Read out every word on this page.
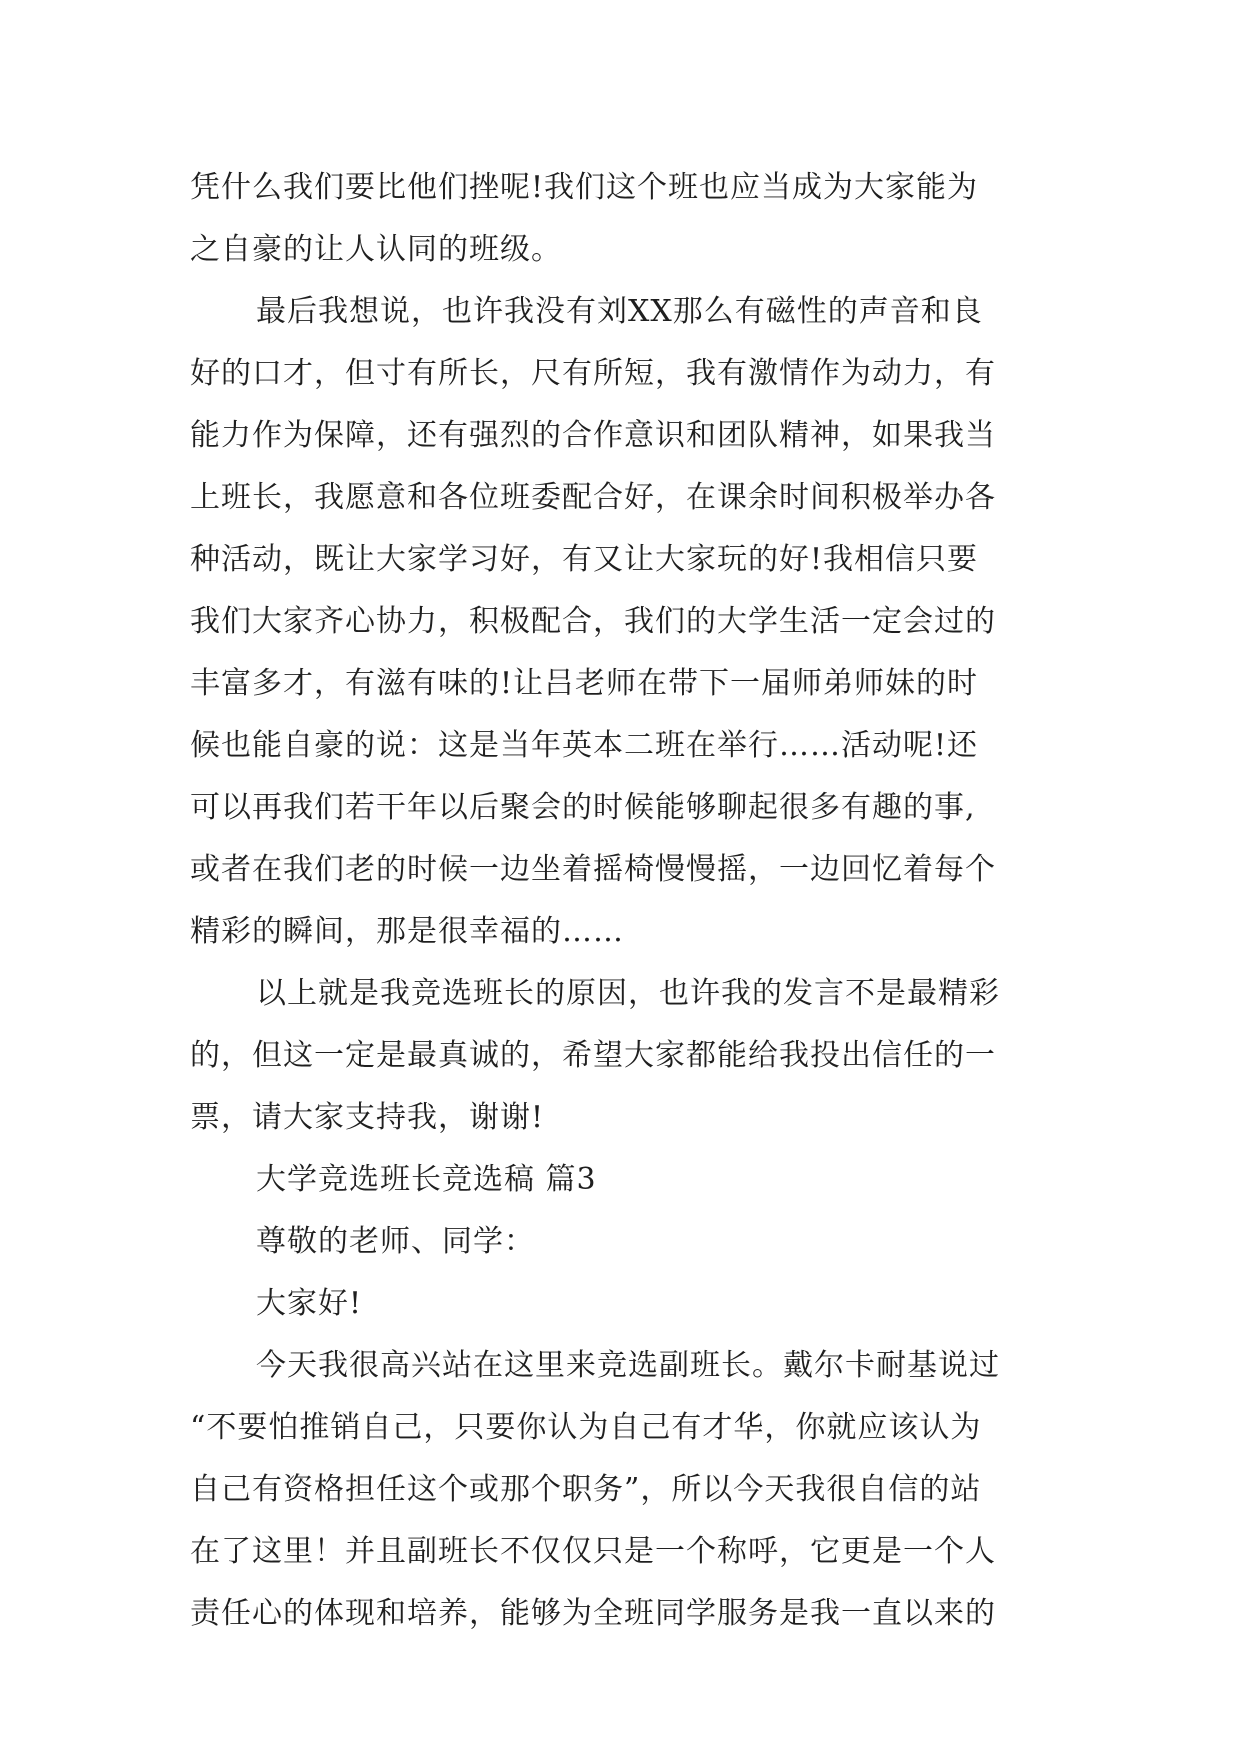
凭什么我们要比他们挫呢!我们这个班也应当成为大家能为
之自豪的让人认同的班级。
最后我想说，也许我没有刘XX那么有磁性的声音和良
好的口才，但寸有所长，尺有所短，我有激情作为动力，有
能力作为保障，还有强烈的合作意识和团队精神，如果我当
上班长，我愿意和各位班委配合好，在课余时间积极举办各
种活动，既让大家学习好，有又让大家玩的好!我相信只要
我们大家齐心协力，积极配合，我们的大学生活一定会过的
丰富多才，有滋有味的!让吕老师在带下一届师弟师妹的时
候也能自豪的说：这是当年英本二班在举行……活动呢!还
可以再我们若干年以后聚会的时候能够聊起很多有趣的事,
或者在我们老的时候一边坐着摇椅慢慢摇，一边回忆着每个
精彩的瞬间，那是很幸福的……
以上就是我竞选班长的原因，也许我的发言不是最精彩
的，但这一定是最真诚的，希望大家都能给我投出信任的一
票，请大家支持我，谢谢!
大学竞选班长竞选稿 篇3
尊敬的老师、同学：
大家好!
今天我很高兴站在这里来竞选副班长。戴尔卡耐基说过
“不要怕推销自己，只要你认为自己有才华，你就应该认为
自己有资格担任这个或那个职务”，所以今天我很自信的站
在了这里！并且副班长不仅仅只是一个称呼，它更是一个人
责任心的体现和培养，能够为全班同学服务是我一直以来的
